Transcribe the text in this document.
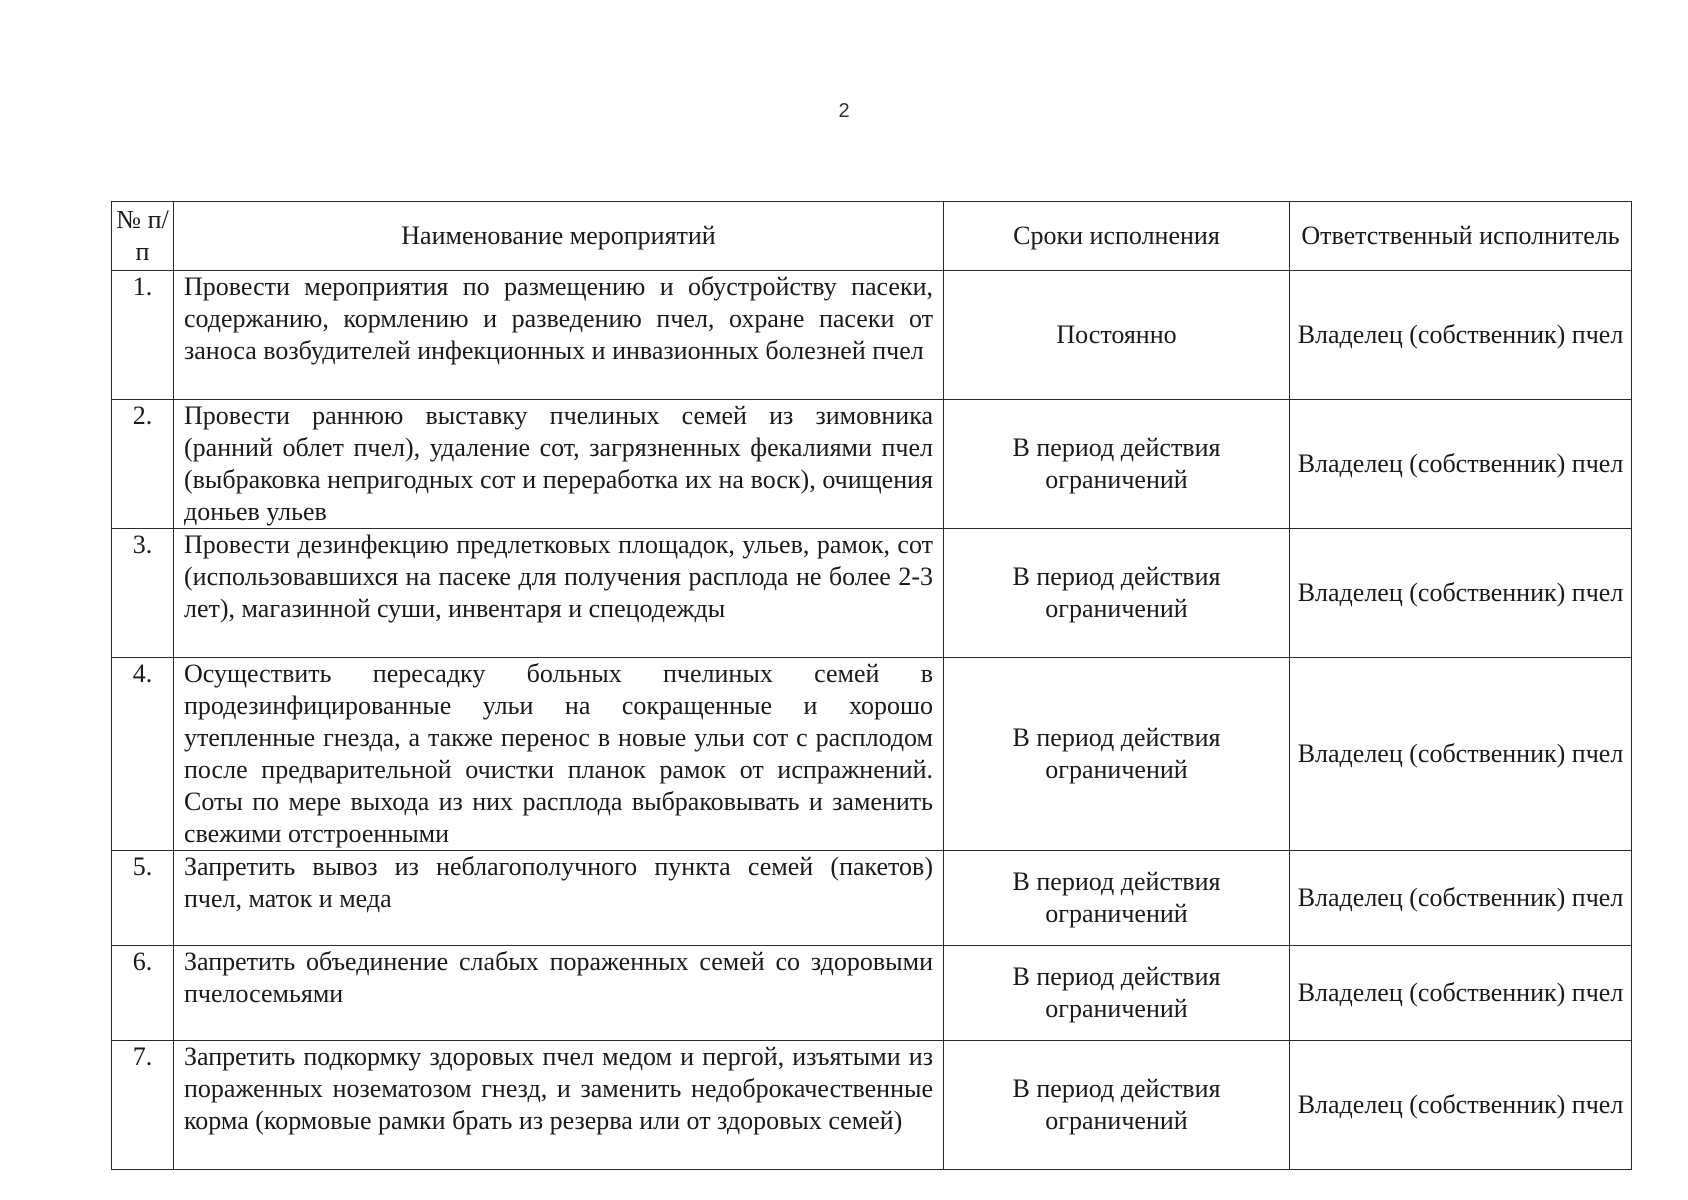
2
№ п/п	Наименование мероприятий	Сроки исполнения	Ответственный исполнитель
1.	Провести мероприятия по размещению и обустройству пасеки, содержанию, кормлению и разведению пчел, охране пасеки от заноса возбудителей инфекционных и инвазионных болезней пчел	Постоянно	Владелец (собственник) пчел
2.	Провести раннюю выставку пчелиных семей из зимовника (ранний облет пчел), удаление сот, загрязненных фекалиями пчел (выбраковка непригодных сот и переработка их на воск), очищения доньев ульев	В период действия ограничений	Владелец (собственник) пчел
3.	Провести дезинфекцию предлетковых площадок, ульев, рамок, сот (использовавшихся на пасеке для получения расплода не более 2-3 лет), магазинной суши, инвентаря и спецодежды	В период действия ограничений	Владелец (собственник) пчел
4.	Осуществить пересадку больных пчелиных семей в продезинфицированные ульи на сокращенные и хорошо утепленные гнезда, а также перенос в новые ульи сот с расплодом после предварительной очистки планок рамок от испражнений. Соты по мере выхода из них расплода выбраковывать и заменить свежими отстроенными	В период действия ограничений	Владелец (собственник) пчел
5.	Запретить вывоз из неблагополучного пункта семей (пакетов) пчел, маток и меда	В период действия ограничений	Владелец (собственник) пчел
6.	Запретить объединение слабых пораженных семей со здоровыми пчелосемьями	В период действия ограничений	Владелец (собственник) пчел
7.	Запретить подкормку здоровых пчел медом и пергой, изъятыми из пораженных нозематозом гнезд, и заменить недоброкачественные корма (кормовые рамки брать из резерва или от здоровых семей)	В период действия ограничений	Владелец (собственник) пчел
